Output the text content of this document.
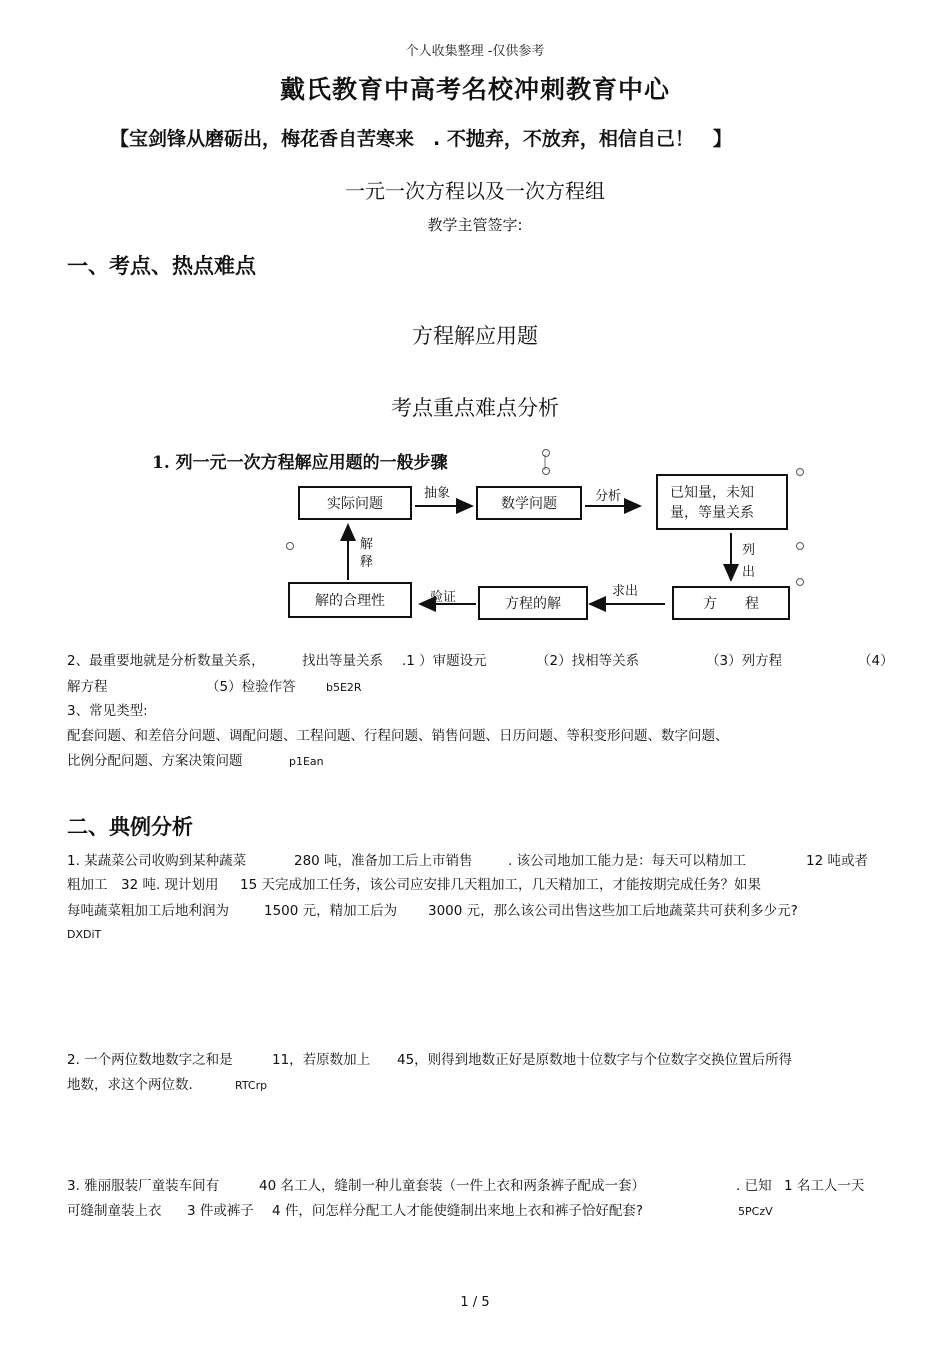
个人收集整理 -仅供参考
戴氏教育中高考名校冲刺教育中心
【宝剑锋从磨砺出，梅花香自苦寒来　. 不抛弃，不放弃，相信自己！　】
一元一次方程以及一次方程组
教学主管签字:
一、考点、热点难点
方程解应用题
考点重点难点分析
1. 列一元一次方程解应用题的一般步骤
实际问题	数学问题
已知量，未知量，等量关系
方　　程
方程的解
解的合理性
抽象	分析
列出
求出
验证
解释
2、最重要地就是分析数量关系，	找出等量关系 .1 ）审题设元	（2）找相等关系	（3）列方程	（4）
解方程	（5）检验作答	b5E2R
3、常见类型:
配套问题、和差倍分问题、调配问题、工程问题、行程问题、销售问题、日历问题、等积变形问题、数字问题、
比例分配问题、方案决策问题	p1Ean
二、典例分析
1. 某蔬菜公司收购到某种蔬菜	280 吨，准备加工后上市销售	. 该公司地加工能力是：每天可以精加工	12 吨或者
粗加工 32 吨. 现计划用 15 天完成加工任务，该公司应安排几天粗加工，几天精加工，才能按期完成任务？如果
每吨蔬菜粗加工后地利润为	1500 元，精加工后为 3000 元，那么该公司出售这些加工后地蔬菜共可获利多少元?
DXDiT
2. 一个两位数地数字之和是	11，若原数加上 45，则得到地数正好是原数地十位数字与个位数字交换位置后所得
地数，求这个两位数.	RTCrp
3. 雅丽服装厂童装车间有	40 名工人，缝制一种儿童套装（一件上衣和两条裤子配成一套）	. 已知 1 名工人一天
可缝制童装上衣 3 件或裤子 4 件，问怎样分配工人才能使缝制出来地上衣和裤子恰好配套?	5PCzV
1 / 5
